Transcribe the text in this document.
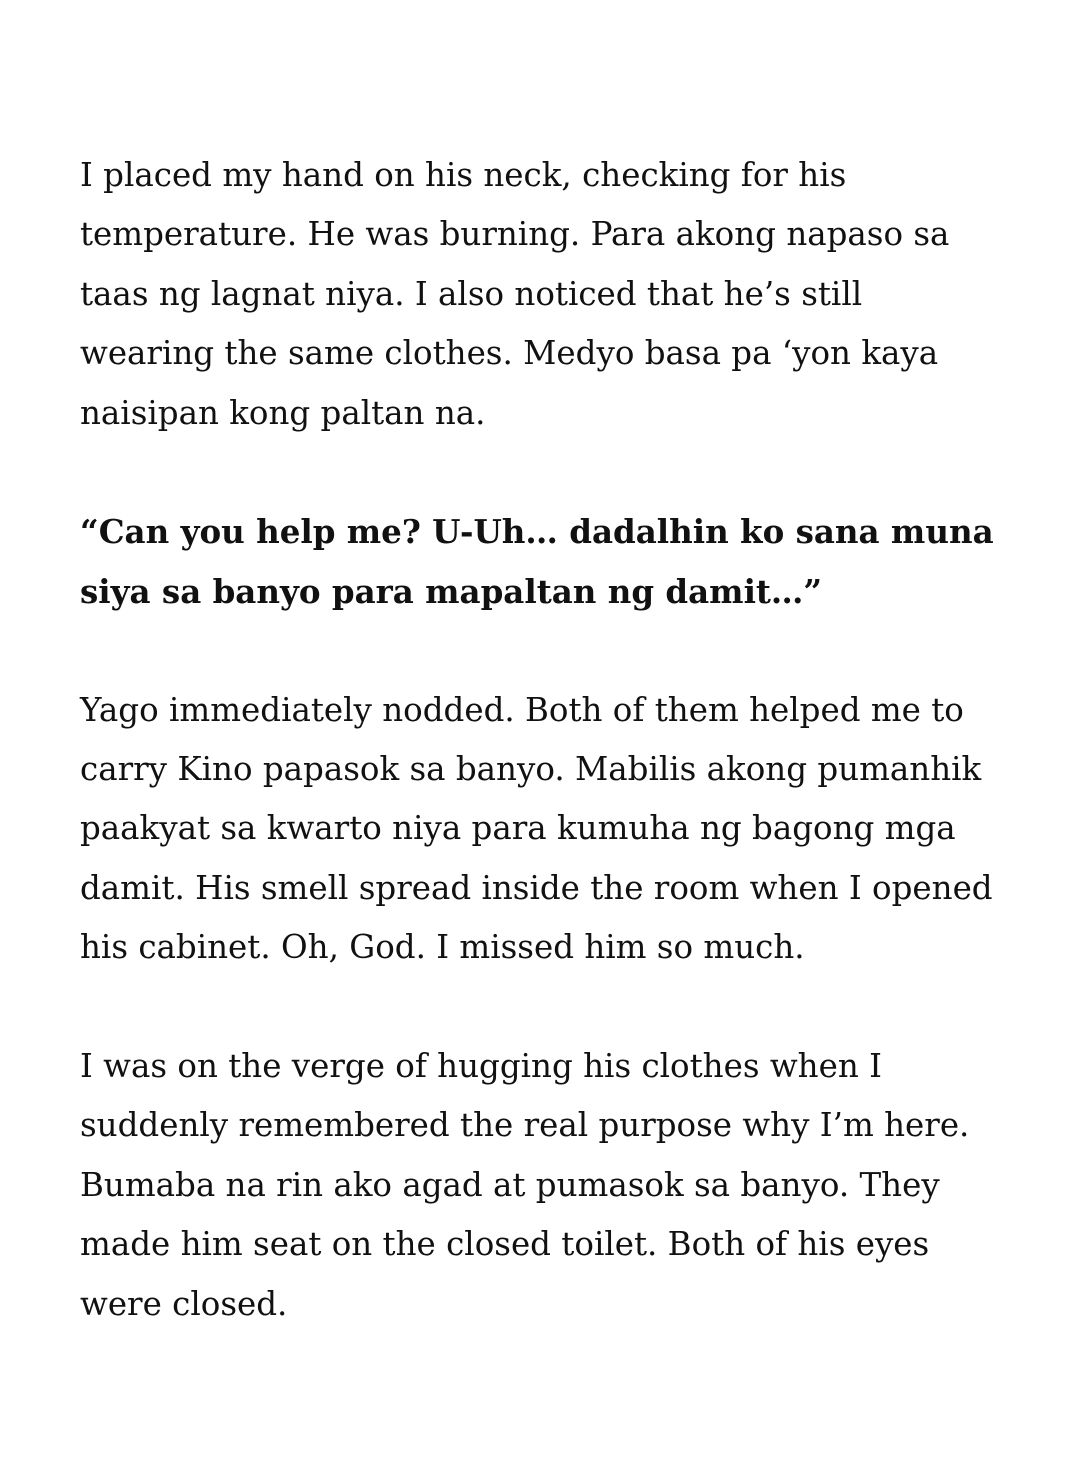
I placed my hand on his neck, checking for his temperature. He was burning. Para akong napaso sa taas ng lagnat niya. I also noticed that he’s still wearing the same clothes. Medyo basa pa ‘yon kaya naisipan kong paltan na.

“Can you help me? U-Uh… dadalhin ko sana muna siya sa banyo para mapaltan ng damit…”

Yago immediately nodded. Both of them helped me to carry Kino papasok sa banyo. Mabilis akong pumanhik paakyat sa kwarto niya para kumuha ng bagong mga damit. His smell spread inside the room when I opened his cabinet. Oh, God. I missed him so much.

I was on the verge of hugging his clothes when I suddenly remembered the real purpose why I’m here. Bumaba na rin ako agad at pumasok sa banyo. They made him seat on the closed toilet. Both of his eyes were closed.
